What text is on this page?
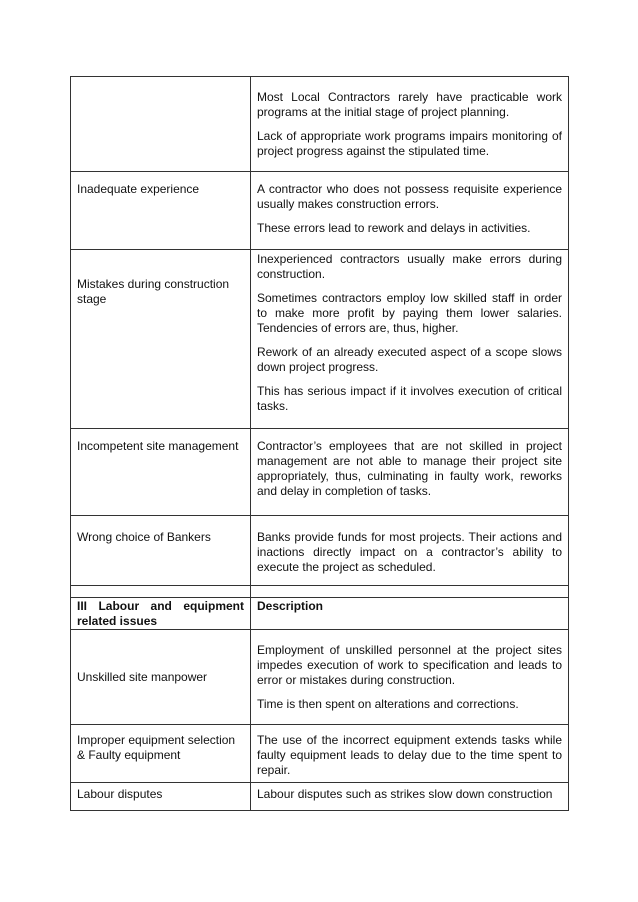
	Most Local Contractors rarely have practicable work programs at the initial stage of project planning.

Lack of appropriate work programs impairs monitoring of project progress against the stipulated time.

Inadequate experience	A contractor who does not possess requisite experience usually makes construction errors.

These errors lead to rework and delays in activities.

Mistakes during construction stage	Inexperienced contractors usually make errors during construction.

Sometimes contractors employ low skilled staff in order to make more profit by paying them lower salaries. Tendencies of errors are, thus, higher.

Rework of an already executed aspect of a scope slows down project progress.

This has serious impact if it involves execution of critical tasks.

Incompetent site management	Contractor’s employees that are not skilled in project management are not able to manage their project site appropriately, thus, culminating in faulty work, reworks and delay in completion of tasks.

Wrong choice of Bankers	Banks provide funds for most projects. Their actions and inactions directly impact on a contractor’s ability to execute the project as scheduled.

III Labour and equipment related issues	Description
Unskilled site manpower	Employment of unskilled personnel at the project sites impedes execution of work to specification and leads to error or mistakes during construction.

Time is then spent on alterations and corrections.

Improper equipment selection & Faulty equipment	The use of the incorrect equipment extends tasks while faulty equipment leads to delay due to the time spent to repair.

Labour disputes	Labour disputes such as strikes slow down construction
